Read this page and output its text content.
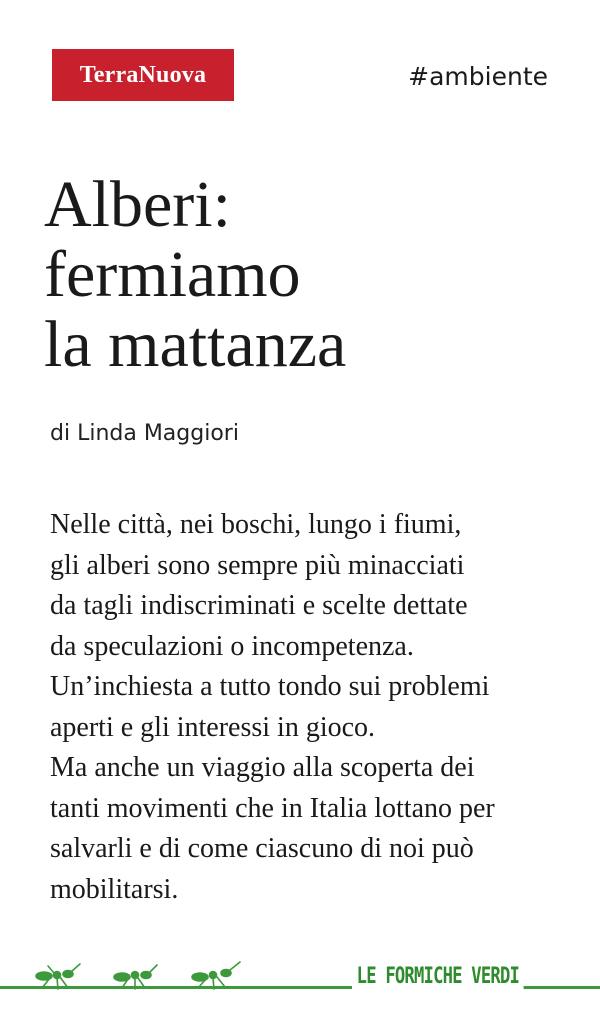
TerraNuova	#ambiente
Alberi:
fermiamo
la mattanza
di Linda Maggiori
Nelle città, nei boschi, lungo i fiumi,
gli alberi sono sempre più minacciati
da tagli indiscriminati e scelte dettate
da speculazioni o incompetenza.
Un’inchiesta a tutto tondo sui problemi
aperti e gli interessi in gioco.
Ma anche un viaggio alla scoperta dei
tanti movimenti che in Italia lottano per
salvarli e di come ciascuno di noi può
mobilitarsi.
LE FORMICHE VERDI
